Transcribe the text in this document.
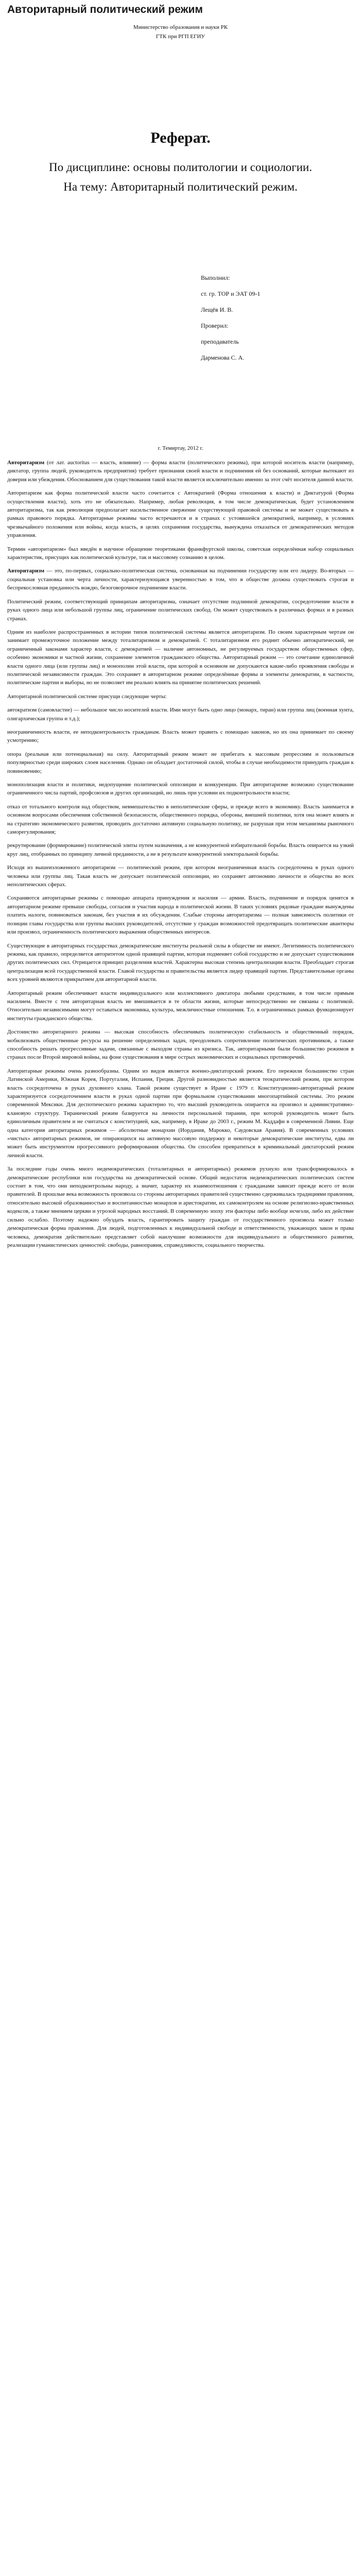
Авторитарный политический режим
Министерство образования и науки РК
ГТК при РГП ЕГИУ
Реферат.
По дисциплине: основы политологии и социологии.
На тему: Авторитарный политический режим.
Выполнил:
ст. гр. ТОР и ЭАТ 09-1
Лещёв И. В.
Проверил:
преподаватель
Дарменова С. А.
г. Темиртау, 2012 г.

Авторитаризм (от лат. auctoritas — власть, влияние) — форма власти (политического режима), при которой носитель власти (например, диктатор, группа людей, руководитель предприятия) требует признания своей власти и подчинения ей без оснований, которые вытекают из доверия или убеждения. Обоснованием для существования такой власти является исключительно именно за этот счёт носителя данной власти.

Авторитаризм как форма политической власти часто сочетается с Автократией (Форма отношения к власти) и Диктатурой (Форма осуществления власти), хоть это не обязательно. Например, любая революция, в том числе демократическая, будет установлением авторитаризма, так как революция предполагает насильственное свержение существующей правовой системы и не может существовать в рамках правового порядка. Авторитарные режимы часто встречаются и в странах с устоявшейся демократией, например, в условиях чрезвычайного положения или войны, когда власть, в целях сохранения государства, вынуждена отказаться от демократических методов управления.

Термин «авторитаризм» был введён в научное обращение теоретиками франкфуртской школы, советская определённая набор социальных характеристик, присущих как политической культуре, так и массовому сознанию в целом.

Авторитаризм — это, по-первых, социально-политическая система, основанная на подчинении государству или его лидеру. Во-вторых — социальная установка или черта личности, характеризующаяся уверенностью в том, что в обществе должна существовать строгая и беспрекословная преданность вождю, безоговорочное подчинение власти.

Политический режим, соответствующий принципам авторитаризма, означает отсутствие подлинной демократии, сосредоточение власти в руках одного лица или небольшой группы лиц, ограничение политических свобод. Он может существовать в различных формах и в разных странах.

Одним из наиболее распространенных в истории типов политической системы является авторитаризм. По своим характерным чертам он занимает промежуточное положение между тоталитаризмом и демократией. С тоталитаризмом его роднит обычно автократический, не ограниченный законами характер власти, с демократией — наличие автономных, не регулируемых государством общественных сфер, особенно экономики и частной жизни, сохранение элементов гражданского общества. Авторитарный режим — это сочетание единоличной власти одного лица (или группы лиц) и монополии этой власти, при которой в основном не допускаются какие-либо проявления свободы и политической независимости граждан. Это сохраняет в авторитарном режиме определённые формы и элементы демократии, в частности, политические партии и выборы, но не позволяет им реально влиять на принятие политических решений.

Авторитарной политической системе присущи следующие черты:

автократизм (самовластие) — небольшое число носителей власти. Ими могут быть одно лицо (монарх, тиран) или группа лиц (военная хунта, олигархическая группа и т.д.);

неограниченность власти, ее неподконтрольность гражданам. Власть может править с помощью законов, но их она принимает по своему усмотрению;

опора (реальная или потенциальная) на силу. Авторитарный режим может не прибегать к массовым репрессиям и пользоваться популярностью среди широких слоев населения. Однако он обладает достаточной силой, чтобы в случае необходимости принудить граждан к повиновению;

монополизация власти и политики, недопущение политической оппозиции и конкуренции. При авторитаризме возможно существование ограниченного числа партий, профсоюзов и других организаций, но лишь при условии их подконтрольности власти;

отказ от тотального контроля над обществом, невмешательство в неполитические сферы, и прежде всего в экономику. Власть занимается в основном вопросами обеспечения собственной безопасности, общественного порядка, обороны, внешней политики, хотя она может влиять и на стратегию экономического развития, проводить достаточно активную социальную политику, не разрушая при этом механизмы рыночного саморегулирования;

рекрутирование (формирование) политической элиты путем назначения, а не конкурентной избирательной борьбы. Власть опирается на узкий круг лиц, отобранных по принципу личной преданности, а не в результате конкурентной электоральной борьбы.

Исходя из вышеизложенного авторитаризм — политический режим, при котором неограниченная власть сосредоточена в руках одного человека или группы лиц. Такая власть не допускает политической оппозиции, но сохраняет автономию личности и общества во всех неполитических сферах.

Сохраняются авторитарные режимы с помощью аппарата принуждения и насилия — армии. Власть, подчинение и порядок ценятся в авторитарном режиме превыше свободы, согласия и участия народа в политической жизни. В таких условиях рядовые граждане вынуждены платить налоги, повиноваться законам, без участия в их обсуждении. Слабые стороны авторитаризма — полная зависимость политики от позиции главы государства или группы высших руководителей, отсутствие у граждан возможностей предотвращать политические авантюры или произвол, ограниченность политического выражения общественных интересов.

Существующие в авторитарных государствах демократические институты реальной силы в обществе не имеют. Легитимность политического режима, как правило, определяется авторитетом одной правящей партии, которая подменяет собой государство и не допускает существования других политических сил. Отрицается принцип разделения властей. Характерна высокая степень централизации власти. Преобладает строгая централизация всей государственной власти. Главой государства и правительства является лидер правящей партии. Представительные органы всех уровней являются прикрытием для авторитарной власти.

Авторитарный режим обеспечивает власти индивидуального или коллективного диктатора любыми средствами, в том числе прямым насилием. Вместе с тем авторитарная власть не вмешивается в те области жизни, которые непосредственно не связаны с политикой. Относительно независимыми могут оставаться экономика, культура, межличностные отношения. Т.о. в ограниченных рамках функционирует институты гражданского общества.

Достоинство авторитарного режима — высокая способность обеспечивать политическую стабильность и общественный порядок, мобилизовать общественные ресурсы на решение определенных задач, преодолевать сопротивление политических противников, а также способность решать прогрессивные задачи, связанные с выходом страны из кризиса. Так, авторитарными были большинство режимов в странах после Второй мировой войны, на фоне существования в мире острых экономических и социальных противоречий.

Авторитарные режимы очень разнообразны. Одним из видов является военно-диктаторский режим. Его пережили большинство стран Латинской Америки, Южная Корея, Португалия, Испания, Греция. Другой разновидностью является теократический режим, при котором власть сосредоточена в руках духовного клана. Такой режим существует в Иране с 1979 г. Конституционно-авторитарный режим характеризуется сосредоточением власти в руках одной партии при формальном существовании многопартийной системы. Это режим современной Мексики. Для деспотического режима характерно то, что высший руководитель опирается на произвол и административно-клановую структуру. Тиранический режим базируется на личности персональной тирании, при которой руководитель может быть единоличным правителем и не считаться с конституцией, как, например, в Ираке до 2003 г., режим М. Каддафи в современной Ливии. Еще одна категория авторитарных режимов — абсолютные монархии (Иордания, Марокко, Саудовская Аравия). В современных условиях «чистых» авторитарных режимов, не опирающихся на активную массовую поддержку и некоторые демократические институты, едва ли может быть инструментом прогрессивного реформирования общества. Он способен превратиться в криминальный диктаторский режим личной власти.

За последние годы очень много недемократических (тоталитарных и авторитарных) режимов рухнуло или трансформировалось в демократические республики или государства на демократической основе. Общий недостаток недемократических политических систем состоит в том, что они неподконтрольны народу, а значит, характер их взаимоотношения с гражданами зависит прежде всего от воли правителей. В прошлые века возможность произвола со стороны авторитарных правителей существенно сдерживалась традициями правления, относительно высокой образованностью и воспитанностью монархов и аристократии, их самоконтролем на основе религиозно-нравственных кодексов, а также мнением церкви и угрозой народных восстаний. В современную эпоху эти факторы либо вообще исчезли, либо их действие сильно ослабло. Поэтому надежно обуздать власть, гарантировать защиту граждан от государственного произвола может только демократическая форма правления. Для людей, подготовленных к индивидуальной свободе и ответственности, уважающих закон и права человека, демократия действительно представляет собой наилучшие возможности для индивидуального и общественного развития, реализации гуманистических ценностей: свободы, равноправия, справедливости, социального творчества.
